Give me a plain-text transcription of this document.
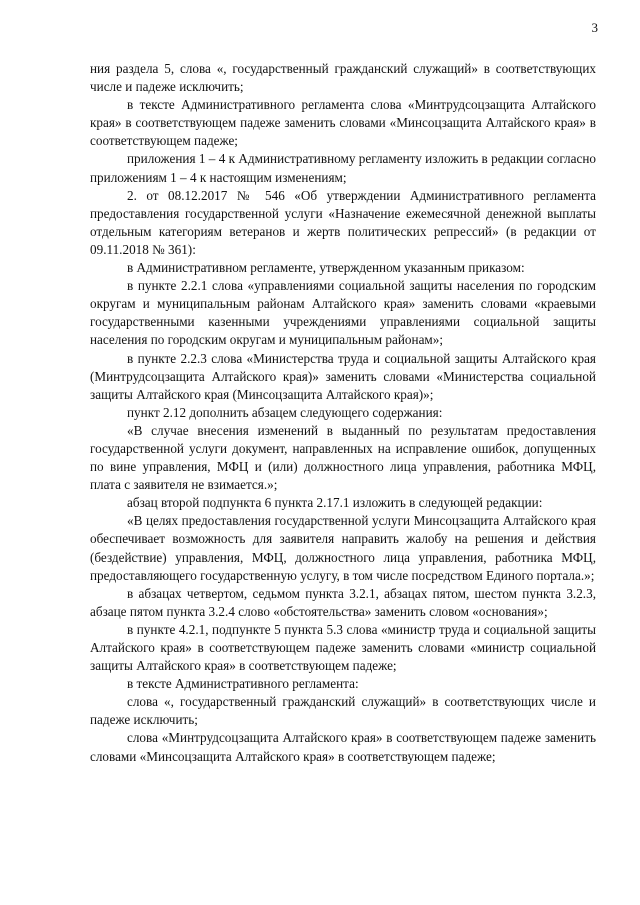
3

ния раздела 5, слова «, государственный гражданский служащий» в соответствующих числе и падеже исключить;

в тексте Административного регламента слова «Минтрудсоцзащита Алтайского края» в соответствующем падеже заменить словами «Минсоцзащита Алтайского края» в соответствующем падеже;

приложения 1 – 4 к Административному регламенту изложить в редакции согласно приложениям 1 – 4 к настоящим изменениям;

2. от 08.12.2017 № 546 «Об утверждении Административного регламента предоставления государственной услуги «Назначение ежемесячной денежной выплаты отдельным категориям ветеранов и жертв политических репрессий» (в редакции от 09.11.2018 № 361):

в Административном регламенте, утвержденном указанным приказом:

в пункте 2.2.1 слова «управлениями социальной защиты населения по городским округам и муниципальным районам Алтайского края» заменить словами «краевыми государственными казенными учреждениями управлениями социальной защиты населения по городским округам и муниципальным районам»;

в пункте 2.2.3 слова «Министерства труда и социальной защиты Алтайского края (Минтрудсоцзащита Алтайского края)» заменить словами «Министерства социальной защиты Алтайского края (Минсоцзащита Алтайского края)»;

пункт 2.12 дополнить абзацем следующего содержания:

«В случае внесения изменений в выданный по результатам предоставления государственной услуги документ, направленных на исправление ошибок, допущенных по вине управления, МФЦ и (или) должностного лица управления, работника МФЦ, плата с заявителя не взимается.»;

абзац второй подпункта 6 пункта 2.17.1 изложить в следующей редакции:

«В целях предоставления государственной услуги Минсоцзащита Алтайского края обеспечивает возможность для заявителя направить жалобу на решения и действия (бездействие) управления, МФЦ, должностного лица управления, работника МФЦ, предоставляющего государственную услугу, в том числе посредством Единого портала.»;

в абзацах четвертом, седьмом пункта 3.2.1, абзацах пятом, шестом пункта 3.2.3, абзаце пятом пункта 3.2.4 слово «обстоятельства» заменить словом «основания»;

в пункте 4.2.1, подпункте 5 пункта 5.3 слова «министр труда и социальной защиты Алтайского края» в соответствующем падеже заменить словами «министр социальной защиты Алтайского края» в соответствующем падеже;

в тексте Административного регламента:

слова «, государственный гражданский служащий» в соответствующих числе и падеже исключить;

слова «Минтрудсоцзащита Алтайского края» в соответствующем падеже заменить словами «Минсоцзащита Алтайского края» в соответствующем падеже;
